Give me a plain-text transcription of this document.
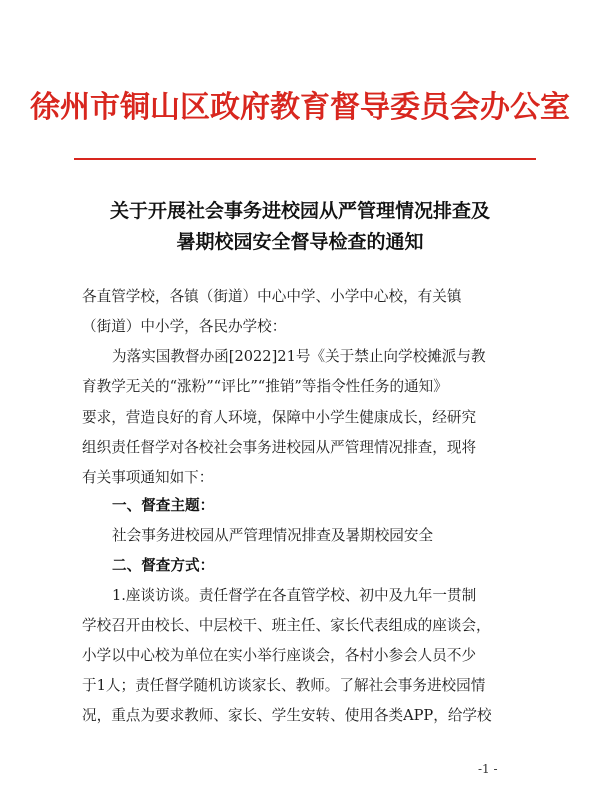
徐州市铜山区政府教育督导委员会办公室
关于开展社会事务进校园从严管理情况排查及
暑期校园安全督导检查的通知
各直管学校，各镇（街道）中心中学、小学中心校，有关镇
（街道）中小学，各民办学校：
为落实国教督办函[2022]21号《关于禁止向学校摊派与教
育教学无关的“涨粉”“评比”“推销”等指令性任务的通知》
要求，营造良好的育人环境，保障中小学生健康成长，经研究
组织责任督学对各校社会事务进校园从严管理情况排查，现将
有关事项通知如下：
一、督查主题：
社会事务进校园从严管理情况排查及暑期校园安全
二、督查方式：
1.座谈访谈。责任督学在各直管学校、初中及九年一贯制
学校召开由校长、中层校干、班主任、家长代表组成的座谈会，
小学以中心校为单位在实小举行座谈会，各村小参会人员不少
于1人；责任督学随机访谈家长、教师。了解社会事务进校园情
况，重点为要求教师、家长、学生安转、使用各类APP，给学校
-1 -
